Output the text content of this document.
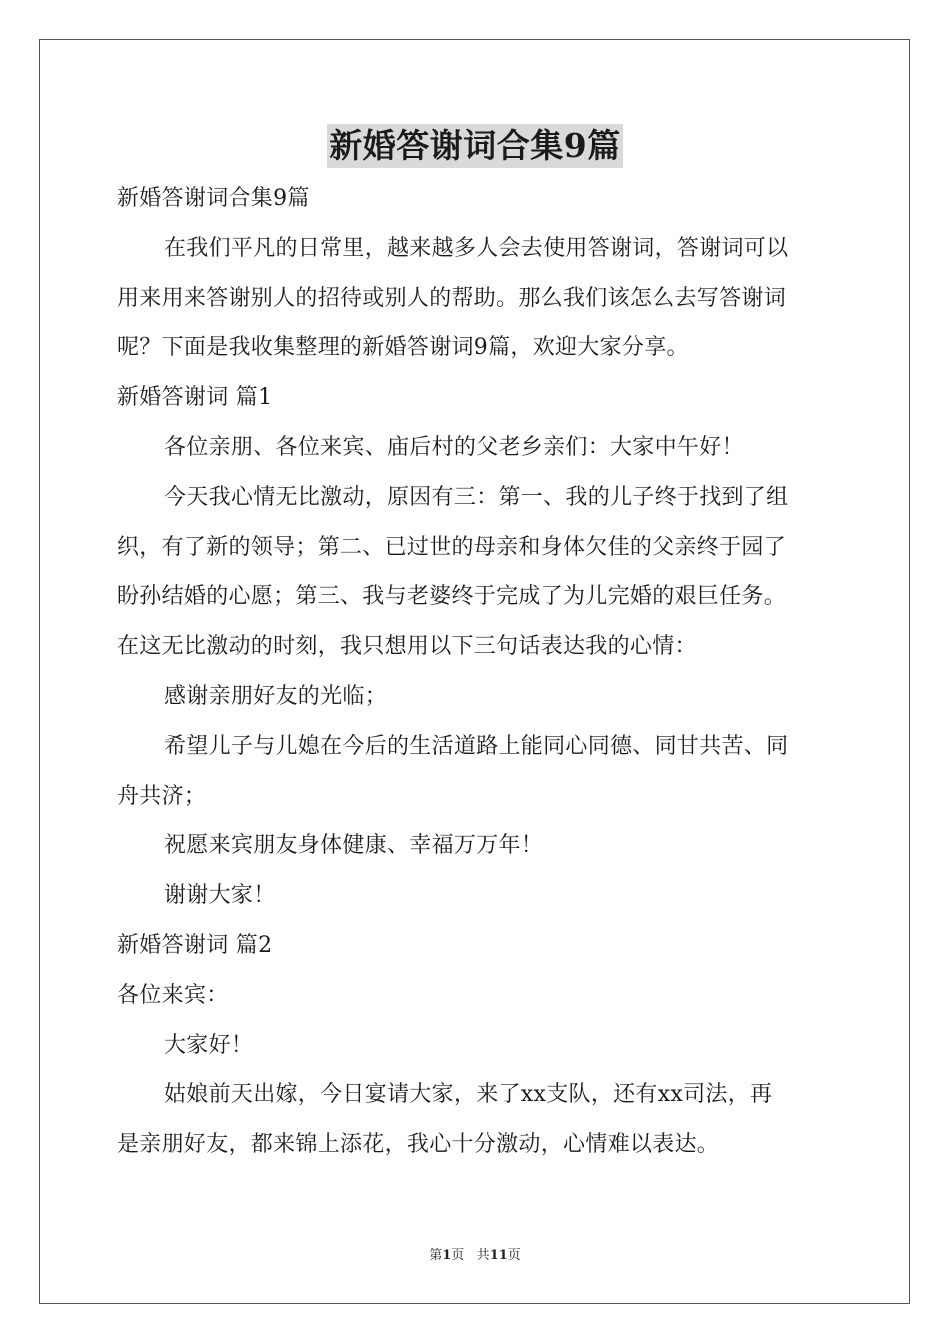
新婚答谢词合集9篇

新婚答谢词合集9篇

在我们平凡的日常里，越来越多人会去使用答谢词，答谢词可以

用来用来答谢别人的招待或别人的帮助。那么我们该怎么去写答谢词

呢？下面是我收集整理的新婚答谢词9篇，欢迎大家分享。

新婚答谢词 篇1

各位亲朋、各位来宾、庙后村的父老乡亲们：大家中午好！

今天我心情无比激动，原因有三：第一、我的儿子终于找到了组

织，有了新的领导；第二、已过世的母亲和身体欠佳的父亲终于园了

盼孙结婚的心愿；第三、我与老婆终于完成了为儿完婚的艰巨任务。

在这无比激动的时刻，我只想用以下三句话表达我的心情：

感谢亲朋好友的光临；

希望儿子与儿媳在今后的生活道路上能同心同德、同甘共苦、同

舟共济；

祝愿来宾朋友身体健康、幸福万万年！

谢谢大家！

新婚答谢词 篇2

各位来宾：

大家好！

姑娘前天出嫁，今日宴请大家，来了xx支队，还有xx司法，再

是亲朋好友，都来锦上添花，我心十分激动，心情难以表达。

第1页 共11页
